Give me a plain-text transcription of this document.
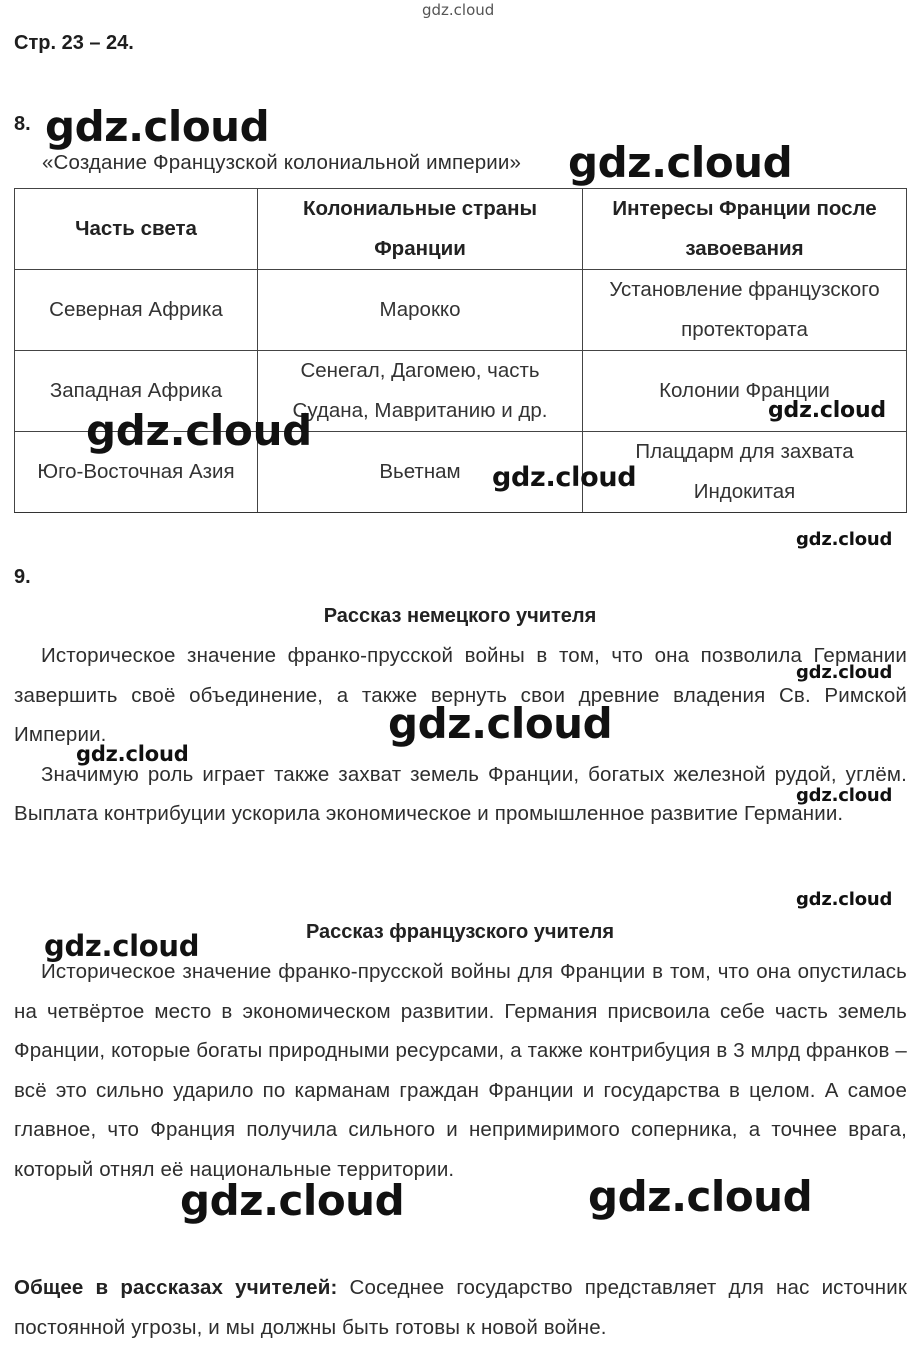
Стр. 23 – 24.
8.
«Создание Французской колониальной империи»
Часть света	Колониальные страны Франции	Интересы Франции после завоевания
Северная Африка	Марокко	Установление французского протектората
Западная Африка	Сенегал, Дагомею, часть Судана, Мавританию и др.	Колонии Франции
Юго-Восточная Азия	Вьетнам	Плацдарм для захвата Индокитая
9.
Рассказ немецкого учителя

Историческое значение франко-прусской войны в том, что она позволила Германии завершить своё объединение, а также вернуть свои древние владения Св. Римской Империи.

Значимую роль играет также захват земель Франции, богатых железной рудой, углём. Выплата контрибуции ускорила экономическое и промышленное развитие Германии.

Рассказ французского учителя

Историческое значение франко-прусской войны для Франции в том, что она опустилась на четвёртое место в экономическом развитии. Германия присвоила себе часть земель Франции, которые богаты природными ресурсами, а также контрибуция в 3 млрд франков – всё это сильно ударило по карманам граждан Франции и государства в целом. А самое главное, что Франция получила сильного и непримиримого соперника, а точнее врага, который отнял её национальные территории.

Общее в рассказах учителей: Соседнее государство представляет для нас источник постоянной угрозы, и мы должны быть готовы к новой войне.

gdz.cloud
gdz.cloud
gdz.cloud
gdz.cloud	gdz.cloud
gdz.cloud
gdz.cloud
gdz.cloud
gdz.cloud
gdz.cloud
gdz.cloud
gdz.cloud
gdz.cloud
gdz.cloud	gdz.cloud
